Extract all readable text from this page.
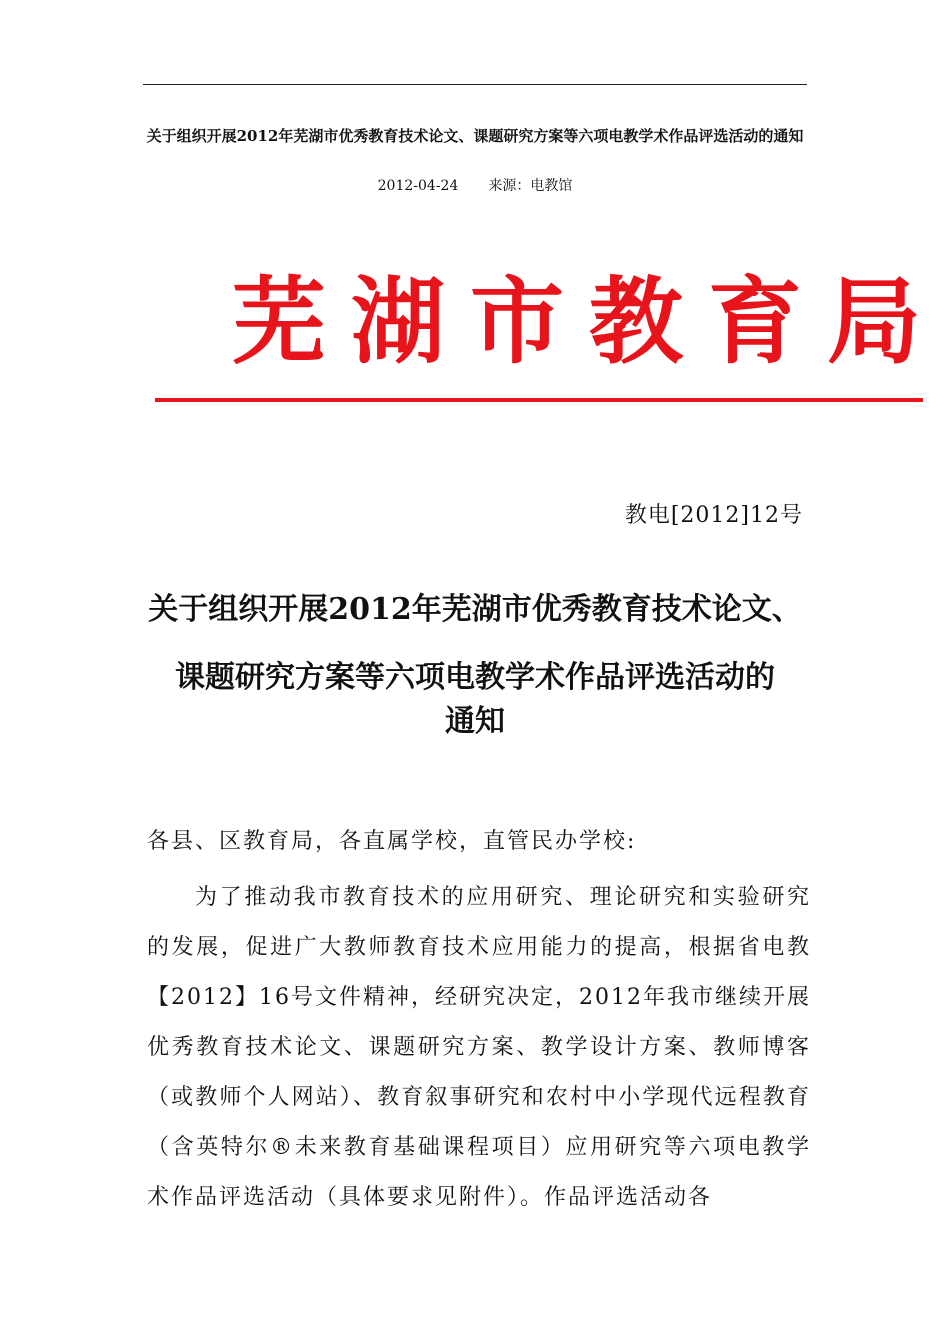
关于组织开展2012年芜湖市优秀教育技术论文、课题研究方案等六项电教学术作品评选活动的通知
2012-04-24 来源：电教馆
芜湖市教育局
教电[2012]12号
关于组织开展2012年芜湖市优秀教育技术论文、
课题研究方案等六项电教学术作品评选活动的
通知
各县、区教育局，各直属学校，直管民办学校:

为了推动我市教育技术的应用研究、理论研究和实验研究的发展，促进广大教师教育技术应用能力的提高，根据省电教【2012】16号文件精神，经研究决定，2012年我市继续开展优秀教育技术论文、课题研究方案、教学设计方案、教师博客（或教师个人网站）、教育叙事研究和农村中小学现代远程教育（含英特尔®未来教育基础课程项目）应用研究等六项电教学术作品评选活动（具体要求见附件）。作品评选活动各
